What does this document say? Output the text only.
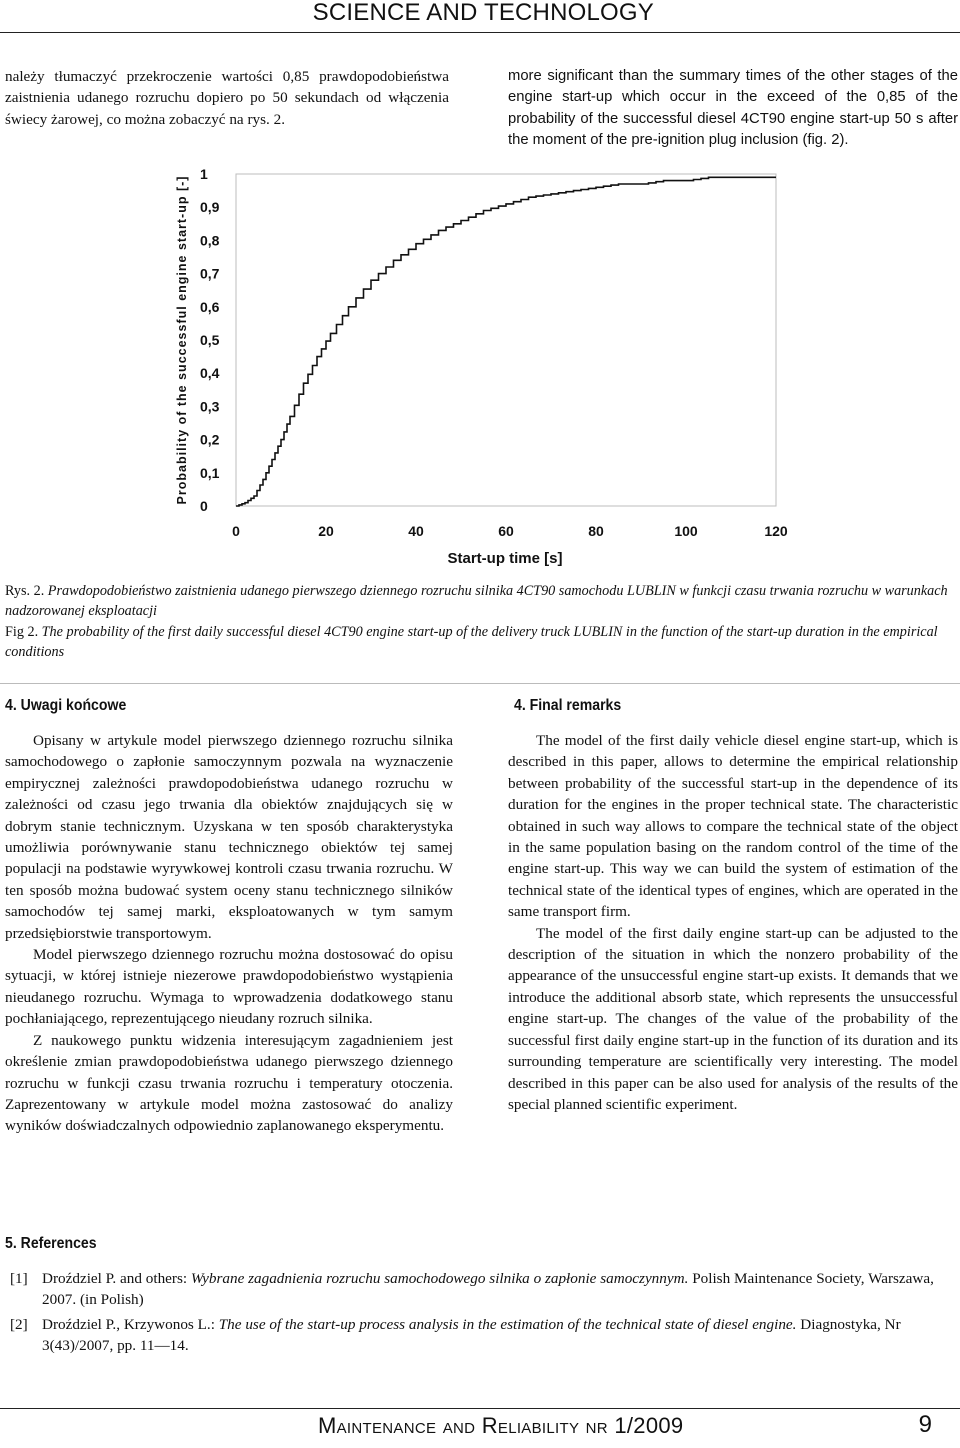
SCIENCE AND TECHNOLOGY

należy tłumaczyć przekroczenie wartości 0,85 prawdopodobieństwa zaistnienia udanego rozruchu dopiero po 50 sekundach od włączenia świecy żarowej, co można zobaczyć na rys. 2.

more significant than the summary times of the other stages of the engine start-up which occur in the exceed of the 0,85 of the probability of the successful diesel 4CT90 engine start-up 50 s after the moment of the pre-ignition plug inclusion (fig. 2).

Probability of the successful engine start-up [-]
Start-up time [s]
0
0,1
0,2
0,3
0,4
0,5
0,6
0,7
0,8
0,9
1
0	20	40	60	80	100	120
Rys. 2. Prawdopodobieństwo zaistnienia udanego pierwszego dziennego rozruchu silnika 4CT90 samochodu LUBLIN w funkcji czasu trwania rozruchu w warunkach nadzorowanej eksploatacji
Fig 2. The probability of the first daily successful diesel 4CT90 engine start-up of the delivery truck LUBLIN in the function of the start-up duration in the empirical conditions
4. Uwagi końcowe	4. Final remarks

Opisany w artykule model pierwszego dziennego rozruchu silnika samochodowego o zapłonie samoczynnym pozwala na wyznaczenie empirycznej zależności prawdopodobieństwa udanego rozruchu w zależności od czasu jego trwania dla obiektów znajdujących się w dobrym stanie technicznym. Uzyskana w ten sposób charakterystyka umożliwia porównywanie stanu technicznego obiektów tej samej populacji na podstawie wyrywkowej kontroli czasu trwania rozruchu. W ten sposób można budować system oceny stanu technicznego silników samochodów tej samej marki, eksploatowanych w tym samym przedsiębiorstwie transportowym.

Model pierwszego dziennego rozruchu można dostosować do opisu sytuacji, w której istnieje niezerowe prawdopodobieństwo wystąpienia nieudanego rozruchu. Wymaga to wprowadzenia dodatkowego stanu pochłaniającego, reprezentującego nieudany rozruch silnika.

Z naukowego punktu widzenia interesującym zagadnieniem jest określenie zmian prawdopodobieństwa udanego pierwszego dziennego rozruchu w funkcji czasu trwania rozruchu i temperatury otoczenia. Zaprezentowany w artykule model można zastosować do analizy wyników doświadczalnych odpowiednio zaplanowanego eksperymentu.

The model of the first daily vehicle diesel engine start-up, which is described in this paper, allows to determine the empirical relationship between probability of the successful start-up in the dependence of its duration for the engines in the proper technical state. The characteristic obtained in such way allows to compare the technical state of the object in the same population basing on the random control of the time of the engine start-up. This way we can build the system of estimation of the technical state of the identical types of engines, which are operated in the same transport firm.

The model of the first daily engine start-up can be adjusted to the description of the situation in which the nonzero probability of the appearance of the unsuccessful engine start-up exists. It demands that we introduce the additional absorb state, which represents the unsuccessful engine start-up. The changes of the value of the probability of the successful first daily engine start-up in the function of its duration and its surrounding temperature are scientifically very interesting. The model described in this paper can be also used for analysis of the results of the special planned scientific experiment.

5. References
[1] Droździel P. and others: Wybrane zagadnienia rozruchu samochodowego silnika o zapłonie samoczynnym. Polish Maintenance Society, Warszawa, 2007. (in Polish)
[2] Droździel P., Krzywonos L.: The use of the start-up process analysis in the estimation of the technical state of diesel engine. Diagnostyka, Nr 3(43)/2007, pp. 11—14.
Maintenance and Reliability nr 1/2009	9
